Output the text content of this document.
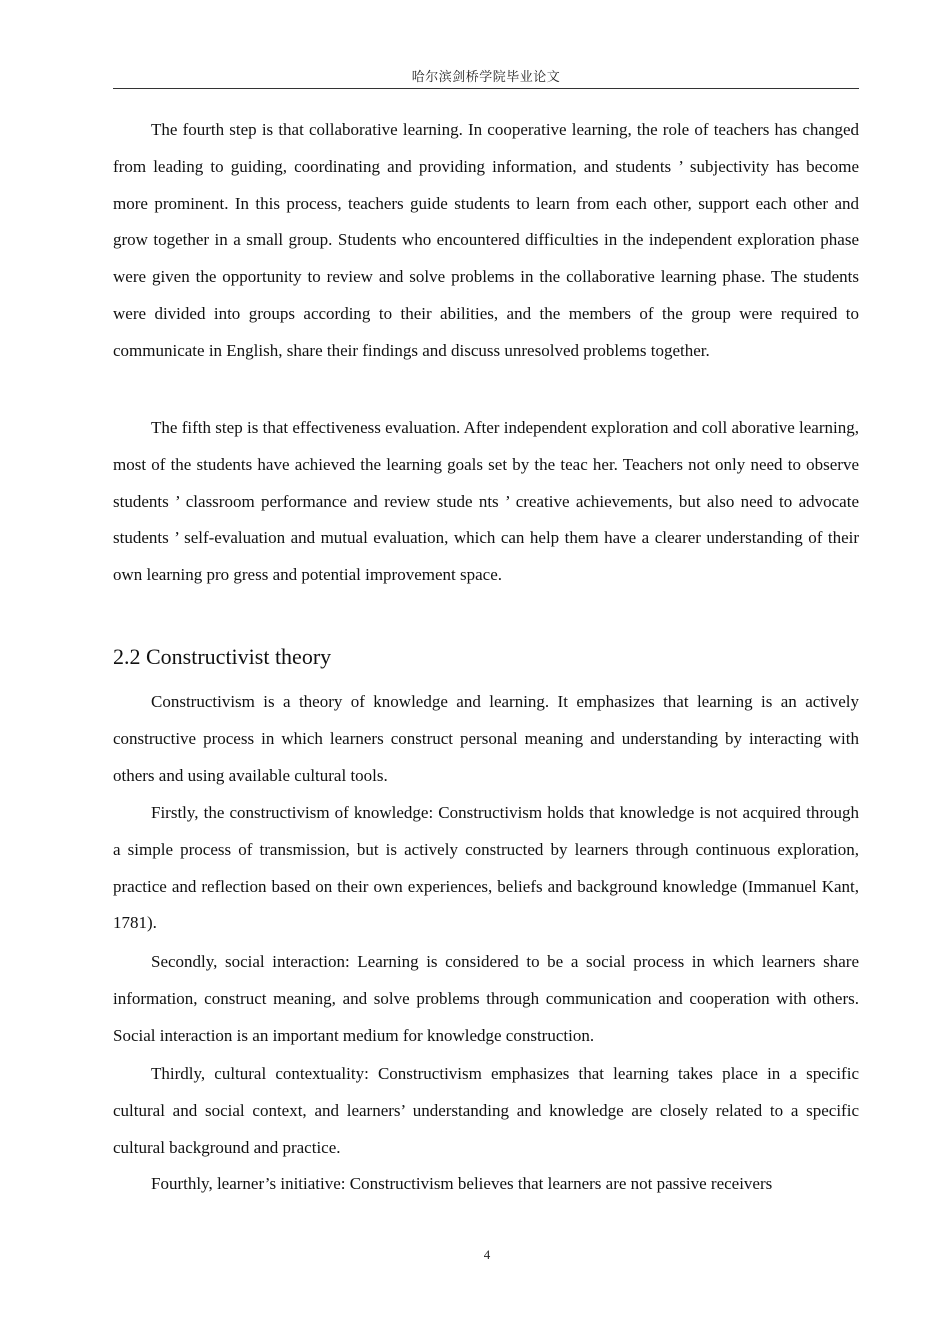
哈尔滨剑桥学院毕业论文

The fourth step is that collaborative learning. In cooperative learning, the role of teachers has changed from leading to guiding, coordinating and providing information, and students ’ subjectivity has become more prominent. In this process, teachers guide students to learn from each other, support each other and grow together in a small group. Students who encountered difficulties in the independent exploration phase were given the opportunity to review and solve problems in the collaborative learning phase. The students were divided into groups according to their abilities, and the members of the group were required to communicate in English, share their findings and discuss unresolved problems together.

The fifth step is that effectiveness evaluation. After independent exploration and coll aborative learning, most of the students have achieved the learning goals set by the teac her. Teachers not only need to observe students ’ classroom performance and review stude nts ’ creative achievements, but also need to advocate students ’ self-evaluation and mutual evaluation, which can help them have a clearer understanding of their own learning pro gress and potential improvement space.

2.2 Constructivist theory

Constructivism is a theory of knowledge and learning. It emphasizes that learning is an actively constructive process in which learners construct personal meaning and understanding by interacting with others and using available cultural tools.

Firstly, the constructivism of knowledge: Constructivism holds that knowledge is not acquired through a simple process of transmission, but is actively constructed by learners through continuous exploration, practice and reflection based on their own experiences, beliefs and background knowledge (Immanuel Kant, 1781).

Secondly, social interaction: Learning is considered to be a social process in which learners share information, construct meaning, and solve problems through communication and cooperation with others. Social interaction is an important medium for knowledge construction.

Thirdly, cultural contextuality: Constructivism emphasizes that learning takes place in a specific cultural and social context, and learners’ understanding and knowledge are closely related to a specific cultural background and practice.

Fourthly, learner’s initiative: Constructivism believes that learners are not passive receivers

4
